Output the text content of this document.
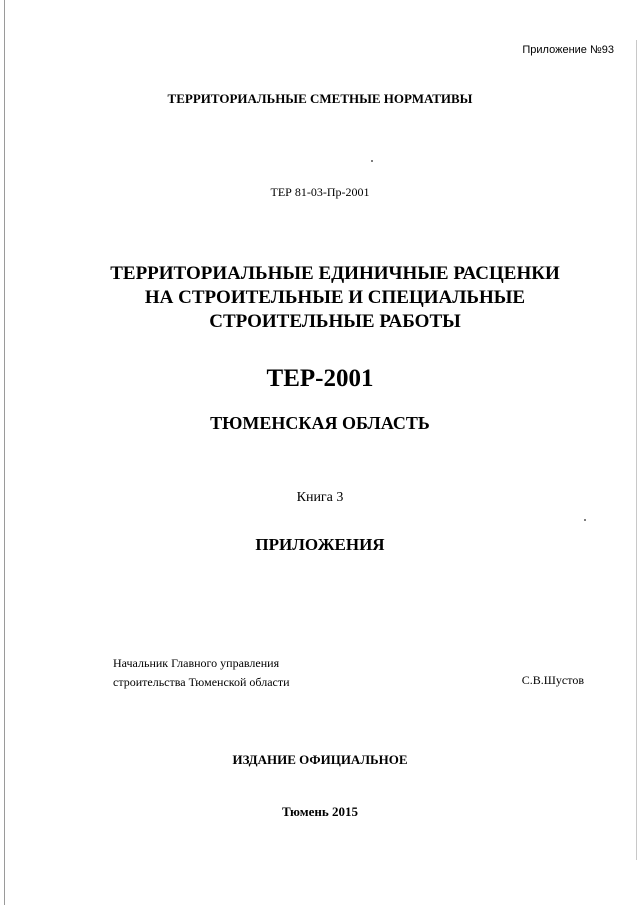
Приложение №93
ТЕРРИТОРИАЛЬНЫЕ СМЕТНЫЕ НОРМАТИВЫ
ТЕР 81-03-Пр-2001
ТЕРРИТОРИАЛЬНЫЕ ЕДИНИЧНЫЕ РАСЦЕНКИ
НА СТРОИТЕЛЬНЫЕ И СПЕЦИАЛЬНЫЕ
СТРОИТЕЛЬНЫЕ РАБОТЫ
ТЕР-2001
ТЮМЕНСКАЯ ОБЛАСТЬ
Книга 3
ПРИЛОЖЕНИЯ
Начальник Главного управления
строительства Тюменской области	С.В.Шустов
ИЗДАНИЕ ОФИЦИАЛЬНОЕ
Тюмень 2015
